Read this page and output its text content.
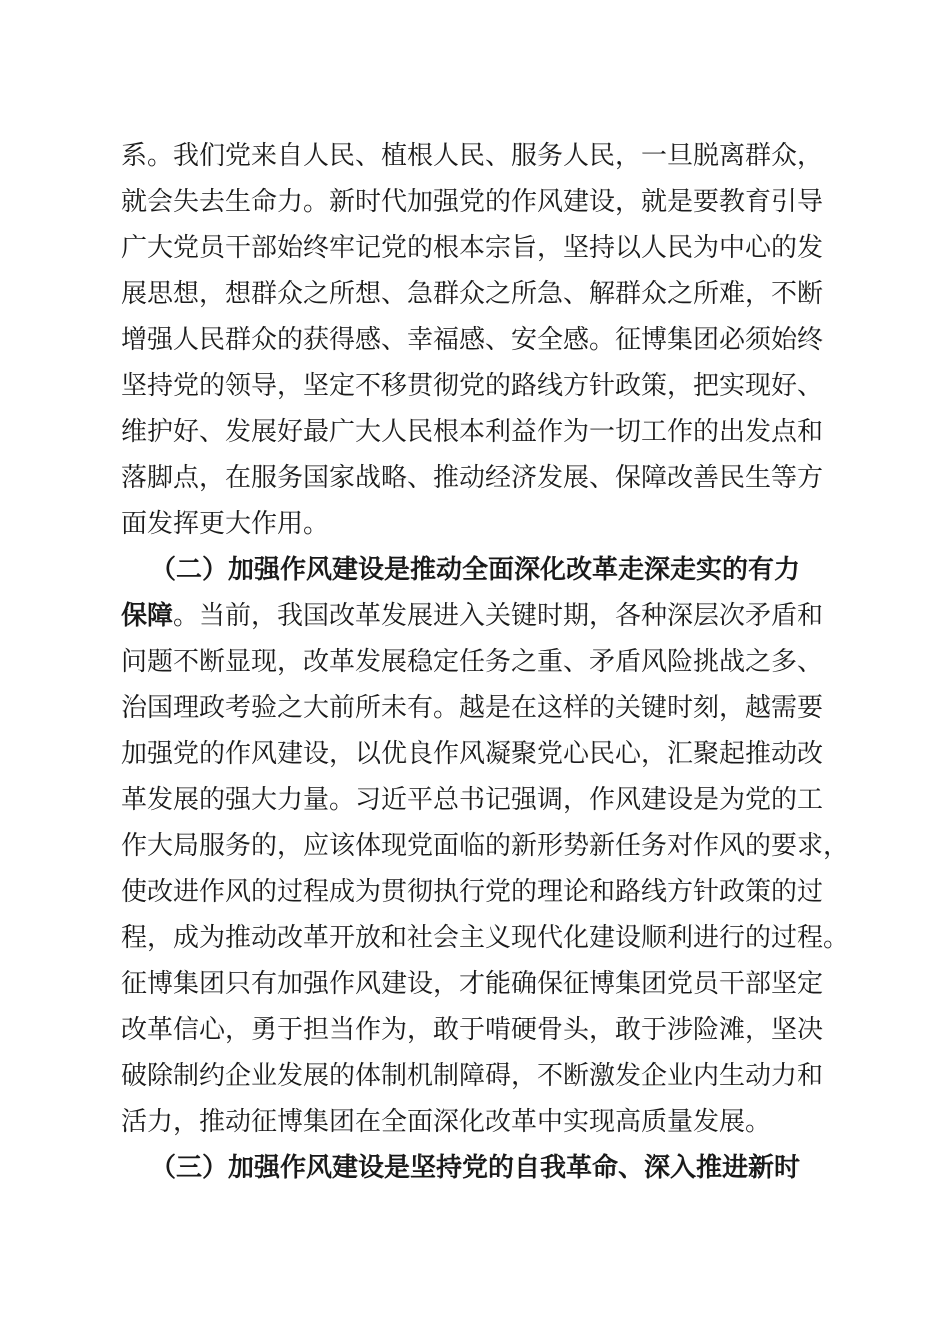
系。我们党来自人民、植根人民、服务人民，一旦脱离群众，
就会失去生命力。新时代加强党的作风建设，就是要教育引导
广大党员干部始终牢记党的根本宗旨，坚持以人民为中心的发
展思想，想群众之所想、急群众之所急、解群众之所难，不断
增强人民群众的获得感、幸福感、安全感。征博集团必须始终
坚持党的领导，坚定不移贯彻党的路线方针政策，把实现好、
维护好、发展好最广大人民根本利益作为一切工作的出发点和
落脚点，在服务国家战略、推动经济发展、保障改善民生等方
面发挥更大作用。
（二）加强作风建设是推动全面深化改革走深走实的有力
保障。当前，我国改革发展进入关键时期，各种深层次矛盾和
问题不断显现，改革发展稳定任务之重、矛盾风险挑战之多、
治国理政考验之大前所未有。越是在这样的关键时刻，越需要
加强党的作风建设，以优良作风凝聚党心民心，汇聚起推动改
革发展的强大力量。习近平总书记强调，作风建设是为党的工
作大局服务的，应该体现党面临的新形势新任务对作风的要求，
使改进作风的过程成为贯彻执行党的理论和路线方针政策的过
程，成为推动改革开放和社会主义现代化建设顺利进行的过程。
征博集团只有加强作风建设，才能确保征博集团党员干部坚定
改革信心，勇于担当作为，敢于啃硬骨头，敢于涉险滩，坚决
破除制约企业发展的体制机制障碍，不断激发企业内生动力和
活力，推动征博集团在全面深化改革中实现高质量发展。
（三）加强作风建设是坚持党的自我革命、深入推进新时
